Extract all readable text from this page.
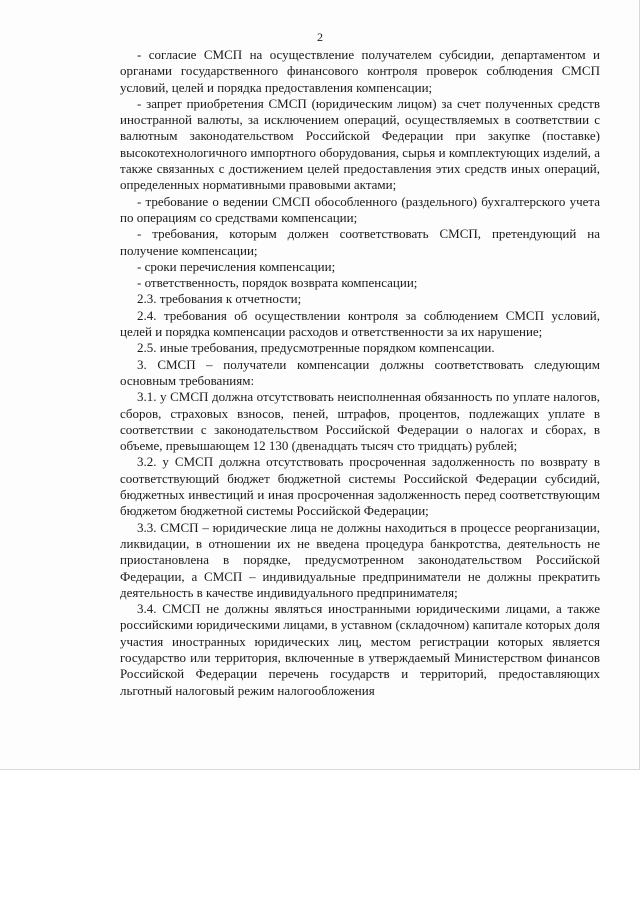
2

- согласие СМСП на осуществление получателем субсидии, департаментом и органами государственного финансового контроля проверок соблюдения СМСП условий, целей и порядка предоставления компенсации;

- запрет приобретения СМСП (юридическим лицом) за счет полученных средств иностранной валюты, за исключением операций, осуществляемых в соответствии с валютным законодательством Российской Федерации при закупке (поставке) высокотехнологичного импортного оборудования, сырья и комплектующих изделий, а также связанных с достижением целей предоставления этих средств иных операций, определенных нормативными правовыми актами;

- требование о ведении СМСП обособленного (раздельного) бухгалтерского учета по операциям со средствами компенсации;

- требования, которым должен соответствовать СМСП, претендующий на получение компенсации;

- сроки перечисления компенсации;

- ответственность, порядок возврата компенсации;

2.3. требования к отчетности;

2.4. требования об осуществлении контроля за соблюдением СМСП условий, целей и порядка компенсации расходов и ответственности за их нарушение;

2.5. иные требования, предусмотренные порядком компенсации.

3. СМСП – получатели компенсации должны соответствовать следующим основным требованиям:

3.1. у СМСП должна отсутствовать неисполненная обязанность по уплате налогов, сборов, страховых взносов, пеней, штрафов, процентов, подлежащих уплате в соответствии с законодательством Российской Федерации о налогах и сборах, в объеме, превышающем 12 130 (двенадцать тысяч сто тридцать) рублей;

3.2. у СМСП должна отсутствовать просроченная задолженность по возврату в соответствующий бюджет бюджетной системы Российской Федерации субсидий, бюджетных инвестиций и иная просроченная задолженность перед соответствующим бюджетом бюджетной системы Российской Федерации;

3.3. СМСП – юридические лица не должны находиться в процессе реорганизации, ликвидации, в отношении их не введена процедура банкротства, деятельность не приостановлена в порядке, предусмотренном законодательством Российской Федерации, а СМСП – индивидуальные предприниматели не должны прекратить деятельность в качестве индивидуального предпринимателя;

3.4. СМСП не должны являться иностранными юридическими лицами, а также российскими юридическими лицами, в уставном (складочном) капитале которых доля участия иностранных юридических лиц, местом регистрации которых является государство или территория, включенные в утверждаемый Министерством финансов Российской Федерации перечень государств и территорий, предоставляющих льготный налоговый режим налогообложения
